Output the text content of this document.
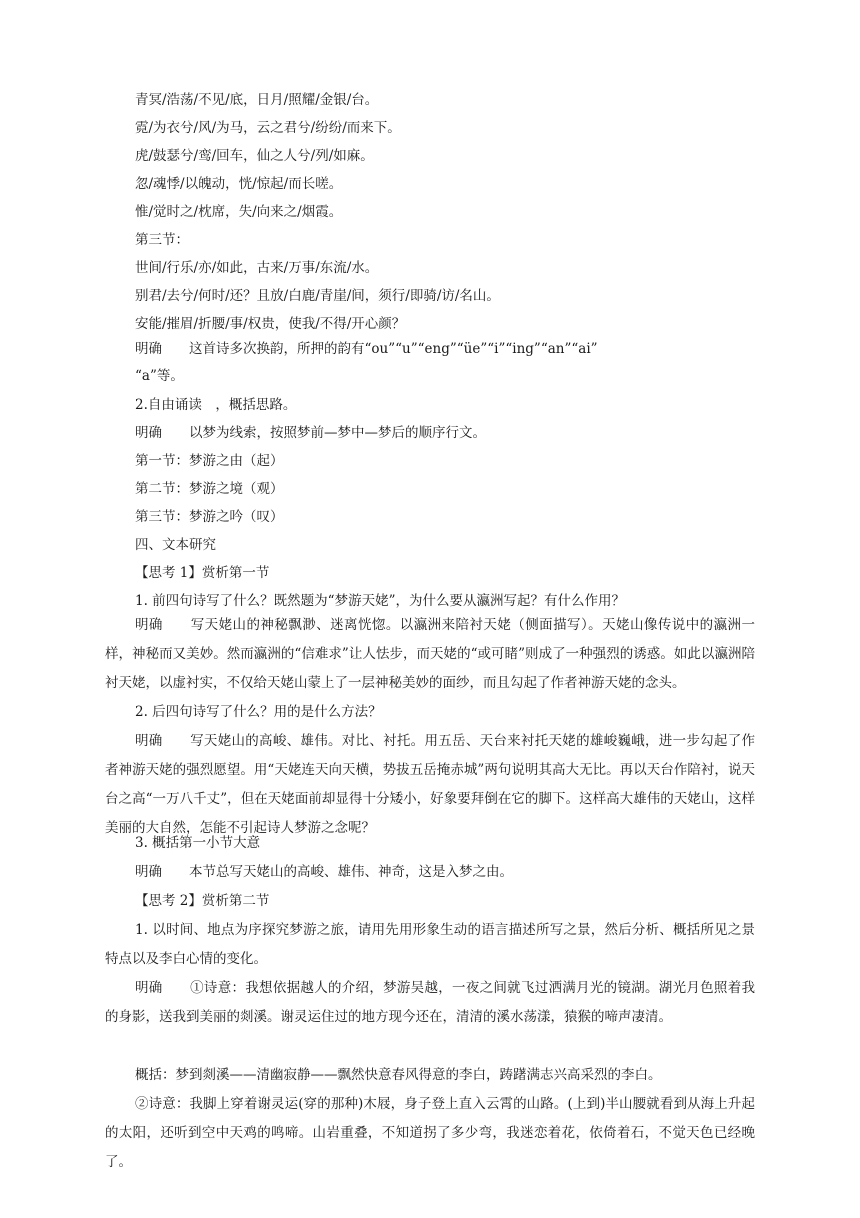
青冥/浩荡/不见/底，日月/照耀/金银/台。
霓/为衣兮/风/为马，云之君兮/纷纷/而来下。
虎/鼓瑟兮/鸾/回车，仙之人兮/列/如麻。
忽/魂悸/以魄动，恍/惊起/而长嗟。
惟/觉时之/枕席，失/向来之/烟霞。
第三节：
世间/行乐/亦/如此，古来/万事/东流/水。
别君/去兮/何时/还？且放/白鹿/青崖/间，须行/即骑/访/名山。
安能/摧眉/折腰/事/权贵，使我/不得/开心颜？
明确　　这首诗多次换韵，所押的韵有“ou”“u”“eng”“üe”“i”“ing”“an”“ai”
“a”等。
2.自由诵读　，概括思路。
明确　　以梦为线索，按照梦前—梦中—梦后的顺序行文。
第一节：梦游之由（起）
第二节：梦游之境（观）
第三节：梦游之吟（叹）
四、文本研究
【思考 1】赏析第一节
1. 前四句诗写了什么？既然题为“梦游天姥”，为什么要从瀛洲写起？有什么作用？
明确　　写天姥山的神秘飘渺、迷离恍惚。以瀛洲来陪衬天姥（侧面描写）。天姥山像传说中的瀛洲一样，神秘而又美妙。然而瀛洲的“信难求”让人怯步，而天姥的“或可睹”则成了一种强烈的诱惑。如此以瀛洲陪衬天姥，以虚衬实，不仅给天姥山蒙上了一层神秘美妙的面纱，而且勾起了作者神游天姥的念头。
2. 后四句诗写了什么？用的是什么方法？
明确　　写天姥山的高峻、雄伟。对比、衬托。用五岳、天台来衬托天姥的雄峻巍峨，进一步勾起了作者神游天姥的强烈愿望。用“天姥连天向天横，势拔五岳掩赤城”两句说明其高大无比。再以天台作陪衬，说天台之高“一万八千丈”，但在天姥面前却显得十分矮小，好象要拜倒在它的脚下。这样高大雄伟的天姥山，这样美丽的大自然，怎能不引起诗人梦游之念呢？
3. 概括第一小节大意
明确　　本节总写天姥山的高峻、雄伟、神奇，这是入梦之由。
【思考 2】赏析第二节
1. 以时间、地点为序探究梦游之旅，请用先用形象生动的语言描述所写之景，然后分析、概括所见之景特点以及李白心情的变化。
明确　　①诗意：我想依据越人的介绍，梦游吴越，一夜之间就飞过洒满月光的镜湖。湖光月色照着我的身影，送我到美丽的剡溪。谢灵运住过的地方现今还在，清清的溪水荡漾，猿猴的啼声凄清。
概括：梦到剡溪——清幽寂静——飘然快意春风得意的李白，踌躇满志兴高采烈的李白。
②诗意：我脚上穿着谢灵运(穿的那种)木屐，身子登上直入云霄的山路。(上到)半山腰就看到从海上升起的太阳，还听到空中天鸡的鸣啼。山岩重叠，不知道拐了多少弯，我迷恋着花，依倚着石，不觉天色已经晚了。
